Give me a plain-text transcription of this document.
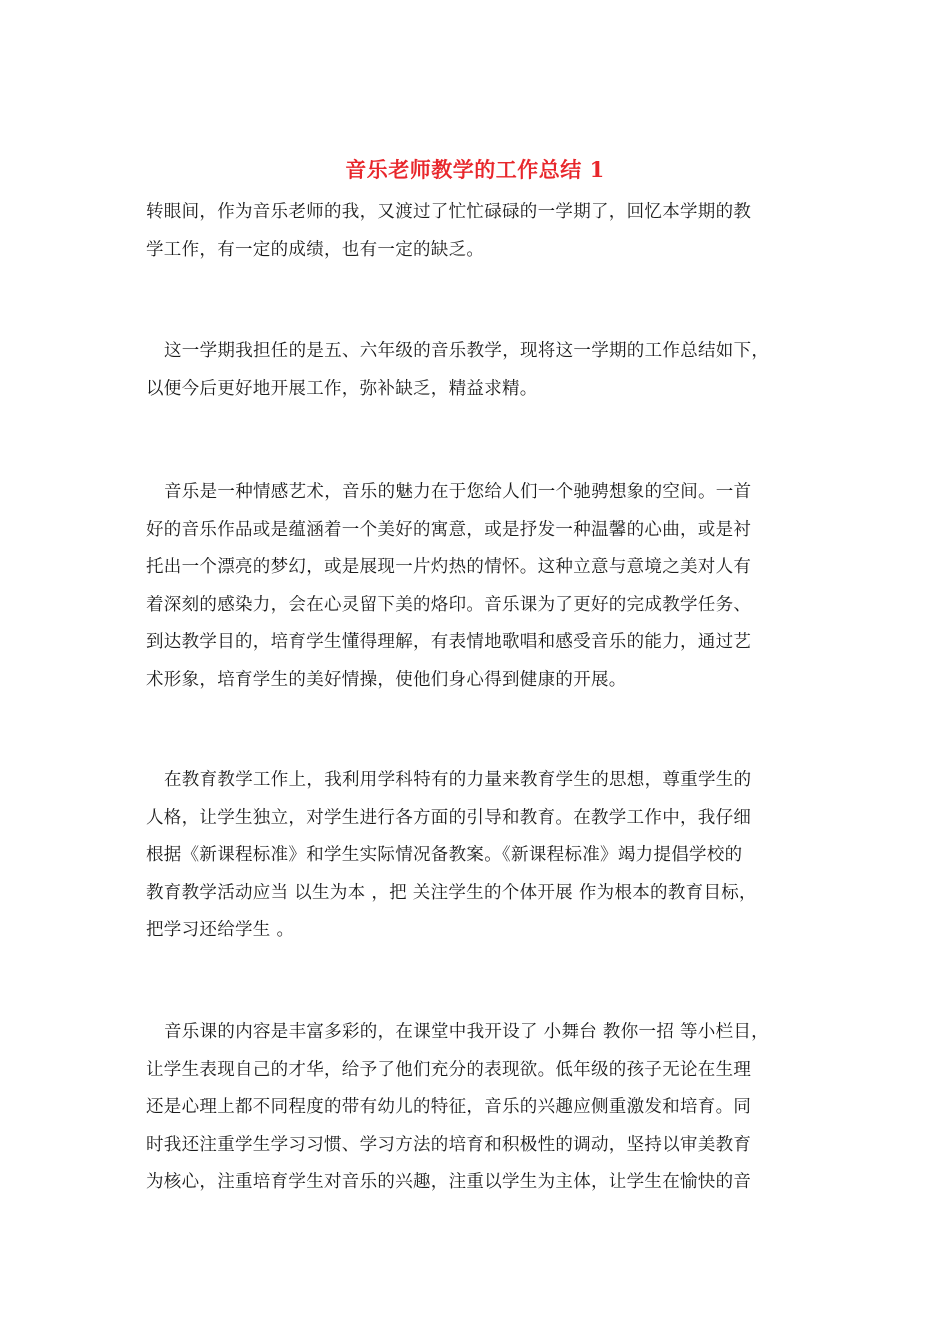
音乐老师教学的工作总结 1
转眼间，作为音乐老师的我，又渡过了忙忙碌碌的一学期了，回忆本学期的教
学工作，有一定的成绩，也有一定的缺乏。
这一学期我担任的是五、六年级的音乐教学，现将这一学期的工作总结如下，
以便今后更好地开展工作，弥补缺乏，精益求精。
音乐是一种情感艺术，音乐的魅力在于您给人们一个驰骋想象的空间。一首
好的音乐作品或是蕴涵着一个美好的寓意，或是抒发一种温馨的心曲，或是衬
托出一个漂亮的梦幻，或是展现一片灼热的情怀。这种立意与意境之美对人有
着深刻的感染力，会在心灵留下美的烙印。音乐课为了更好的完成教学任务、
到达教学目的，培育学生懂得理解，有表情地歌唱和感受音乐的能力，通过艺
术形象，培育学生的美好情操，使他们身心得到健康的开展。
在教育教学工作上，我利用学科特有的力量来教育学生的思想，尊重学生的
人格，让学生独立，对学生进行各方面的引导和教育。在教学工作中，我仔细
根据《新课程标准》和学生实际情况备教案。《新课程标准》竭力提倡学校的
教育教学活动应当 以生为本 ，把 关注学生的个体开展 作为根本的教育目标，
把学习还给学生 。
音乐课的内容是丰富多彩的，在课堂中我开设了 小舞台 教你一招 等小栏目，
让学生表现自己的才华，给予了他们充分的表现欲。低年级的孩子无论在生理
还是心理上都不同程度的带有幼儿的特征，音乐的兴趣应侧重激发和培育。同
时我还注重学生学习习惯、学习方法的培育和积极性的调动，坚持以审美教育
为核心，注重培育学生对音乐的兴趣，注重以学生为主体，让学生在愉快的音
